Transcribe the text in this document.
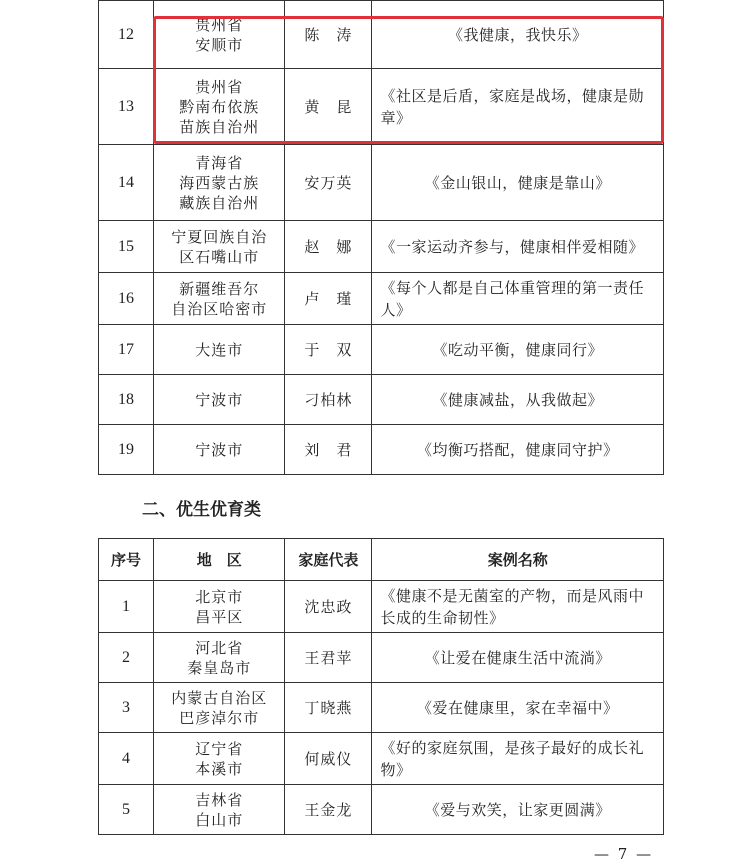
12	贵州省
安顺市	陈　涛	《我健康，我快乐》
13	贵州省
黔南布依族
苗族自治州	黄　昆	《社区是后盾，家庭是战场，健康是勋章》
14	青海省
海西蒙古族
藏族自治州	安万英	《金山银山，健康是靠山》
15	宁夏回族自治
区石嘴山市	赵　娜	《一家运动齐参与，健康相伴爱相随》
16	新疆维吾尔
自治区哈密市	卢　瑾	《每个人都是自己体重管理的第一责任人》
17	大连市	于　双	《吃动平衡，健康同行》
18	宁波市	刁柏林	《健康减盐，从我做起》
19	宁波市	刘　君	《均衡巧搭配，健康同守护》
二、优生优育类
序号	地　区	家庭代表	案例名称
1	北京市
昌平区	沈忠政	《健康不是无菌室的产物，而是风雨中长成的生命韧性》
2	河北省
秦皇岛市	王君苹	《让爱在健康生活中流淌》
3	内蒙古自治区
巴彦淖尔市	丁晓燕	《爱在健康里，家在幸福中》
4	辽宁省
本溪市	何威仪	《好的家庭氛围，是孩子最好的成长礼物》
5	吉林省
白山市	王金龙	《爱与欢笑，让家更圆满》
— 7 —
